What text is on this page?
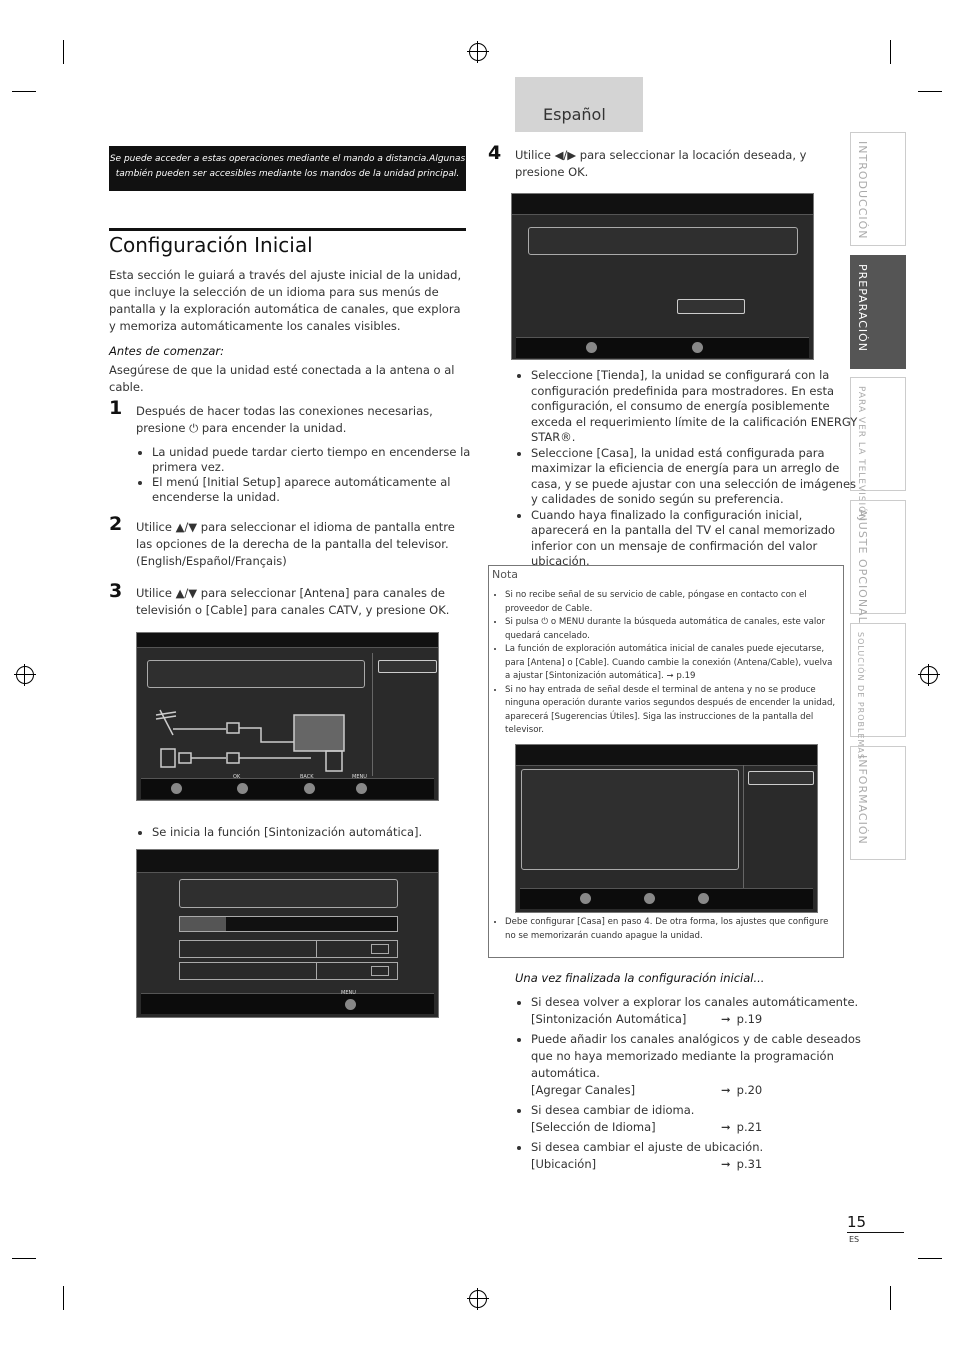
Español
INTRODUCCIÓN
PREPARACIÓN
PARA VER LA TELEVISIÓN
AJUSTE OPCIONAL
SOLUCIÓN DE PROBLEMAS
INFORMACIÓN
Se puede acceder a estas operaciones mediante el mando a distancia.Algunas también pueden ser accesibles mediante los mandos de la unidad principal.
Configuración Inicial
Esta sección le guiará a través del ajuste inicial de la unidad, que incluye la selección de un idioma para sus menús de pantalla y la exploración automática de canales, que explora y memoriza automáticamente los canales visibles.
Antes de comenzar:
Asegúrese de que la unidad esté conectada a la antena o al cable.
1 Después de hacer todas las conexiones necesarias, presione ⏻ para encender la unidad.
• La unidad puede tardar cierto tiempo en encenderse la primera vez.
• El menú [Initial Setup] aparece automáticamente al encenderse la unidad.
2 Utilice ▲/▼ para seleccionar el idioma de pantalla entre las opciones de la derecha de la pantalla del televisor. (English/Español/Français)
3 Utilice ▲/▼ para seleccionar [Antena] para canales de televisión o [Cable] para canales CATV, y presione OK.
OK	BACK	MENU
• Se inicia la función [Sintonización automática].
MENU
4 Utilice ◀/▶ para seleccionar la locación deseada, y presione OK.
• Seleccione [Tienda], la unidad se configurará con la configuración predefinida para mostradores. En esta configuración, el consumo de energía posiblemente exceda el requerimiento límite de la calificación ENERGY STAR®.
• Seleccione [Casa], la unidad está configurada para maximizar la eficiencia de energía para un arreglo de casa, y se puede ajustar con una selección de imágenes y calidades de sonido según su preferencia.
• Cuando haya finalizado la configuración inicial, aparecerá en la pantalla del TV el canal memorizado inferior con un mensaje de confirmación del valor ubicación.
Nota
• Si no recibe señal de su servicio de cable, póngase en contacto con el proveedor de Cable.
• Si pulsa ⏻ o MENU durante la búsqueda automática de canales, este valor quedará cancelado.
• La función de exploración automática inicial de canales puede ejecutarse, para [Antena] o [Cable]. Cuando cambie la conexión (Antena/Cable), vuelva a ajustar [Sintonización automática]. ➞ p.19
• Si no hay entrada de señal desde el terminal de antena y no se produce ninguna operación durante varios segundos después de encender la unidad, aparecerá [Sugerencias Útiles]. Siga las instrucciones de la pantalla del televisor.
• Debe configurar [Casa] en paso 4. De otra forma, los ajustes que configure no se memorizarán cuando apague la unidad.
Una vez finalizada la configuración inicial...
• Si desea volver a explorar los canales automáticamente.
[Sintonización Automática]	➞ p.19
• Puede añadir los canales analógicos y de cable deseados que no haya memorizado mediante la programación automática.
[Agregar Canales]	➞ p.20
• Si desea cambiar de idioma.
[Selección de Idioma]	➞ p.21
• Si desea cambiar el ajuste de ubicación.
[Ubicación]	➞ p.31
15
ES
